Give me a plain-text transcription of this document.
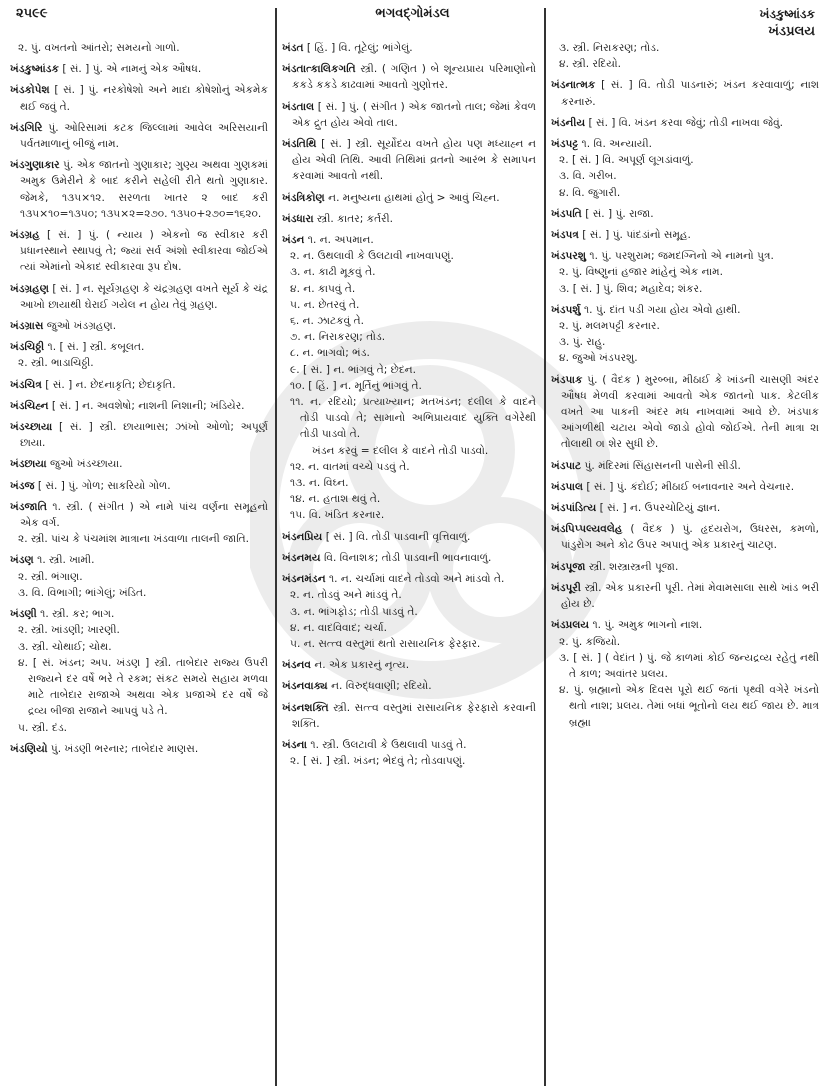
૨૫૯૯	ભગવદ્ગોમંડલ	ખંડકુષ્માંડક
ખંડપ્રલય
૨. પું. વખતનો આંતરો; સમયનો ગાળો.
ખંડકુષ્માંડક [ સં. ] પું. એ નામનું એક ઔષધ.
ખંડકોપેશ [ સં. ] પું. નરકોષેશો અને માદા કોષેશોનું એકમેક થઈ જવું તે.
ખંડગિરિ પું. ઓરિસામાં કટક જિલ્લામાં આવેલ અરિસયાની પર્વતમાળાનું બીજું નામ.
ખંડગુણાકાર પું. એક જાતનો ગુણાકાર; ગુણ્ય અથવા ગુણકમાં અમુક ઉમેરીને કે બાદ કરીને સહેલી રીતે થતો ગુણાકાર. જેમકે, ૧૩૫×૧૨. સરળતા ખાતર ૨ બાદ કરી ૧૩૫×૧૦=૧૩૫૦; ૧૩૫×૨=૨૭૦. ૧૩૫૦+૨૭૦=૧૬૨૦.
ખંડગ્રહ [ સં. ] પું. ( ન્યાય ) એકનો જ સ્વીકાર કરી પ્રધાનસ્થાને સ્થાપવું તે; જ્યાં સર્વ અંશો સ્વીકારવા જોઈએ ત્યાં એમાંનો એકાદ સ્વીકારવા રૂપ દોષ.
ખંડગ્રહણ [ સં. ] ન. સૂર્યગ્રહણ કે ચંદ્રગ્રહણ વખતે સૂર્ય કે ચંદ્ર આખો છાયાથી ઘેરાઈ ગયેલ ન હોય તેવું ગ્રહણ.
ખંડગ્રાસ જુઓ ખંડગ્રહણ.
ખંડચિઠ્ઠી ૧. [ સં. ] સ્ત્રી. કબૂલત.
૨. સ્ત્રી. ભાડાચિઠ્ઠી.
ખંડચિત્ર [ સં. ] ન. છેદનાકૃતિ; છેદાકૃતિ.
ખંડચિહ્ન [ સં. ] ન. અવશેષો; નાશની નિશાની; ખંડિયેર.
ખંડચ્છાયા [ સં. ] સ્ત્રી. છાયાભાસ; ઝાંખો ઓળો; અપૂર્ણ છાયા.
ખંડછાયા જુઓ ખંડચ્છાયા.
ખંડજ [ સં. ] પું. ગોળ; સાકરિયો ગોળ.
ખંડજાતિ ૧. સ્ત્રી. ( સંગીત ) એ નામે પાંચ વર્ણના સમૂહનો એક વર્ગ.
૨. સ્ત્રી. પાંચ કે પંચમાંશ માત્રાના ખંડવાળા તાલની જાતિ.
ખંડણ ૧. સ્ત્રી. ખામી.
૨. સ્ત્રી. ભંગાણ.
૩. વિ. વિભાગી; ભાંગેલું; ખંડિત.
ખંડણી ૧. સ્ત્રી. કર; ભાગ.
૨. સ્ત્રી. ખાંડણી; ખારણી.
૩. સ્ત્રી. ચોથાઈ; ચોથ.
૪. [ સં. ખંડન; અપ. ખંડણ ] સ્ત્રી. તાબેદાર રાજ્ય ઉપરી રાજ્યને દર વર્ષે ભરે તે રકમ; સંકટ સમયે સહાય મળવા માટે તાબેદાર રાજાએ અથવા એક પ્રજાએ દર વર્ષે જે દ્રવ્ય બીજા રાજાને આપવું પડે તે.
૫. સ્ત્રી. દંડ.
ખંડણિયો પું. ખંડણી ભરનાર; તાબેદાર માણસ.
ખંડત [ હિં. ] વિ. તૂટેલું; ભાંગેલું.
ખંડતાત્કાલિકગતિ સ્ત્રી. ( ગણિત ) બે શૂન્યપ્રાય પરિમાણોનો કકડે કકડે કાઢવામાં આવતો ગુણોત્તર.
ખંડતાલ [ સં. ] પું. ( સંગીત ) એક જાતનો તાલ; જેમાં કેવળ એક દ્રુત હોય એવો તાલ.
ખંડતિથિ [ સં. ] સ્ત્રી. સૂર્યોદય વખતે હોય પણ મધ્યાહ્ન ન હોય એવી તિથિ. આવી તિથિમાં વ્રતનો આરંભ કે સમાપન કરવામાં આવતો નથી.
ખંડત્રિકોણ ન. મનુષ્યના હાથમાં હોતું > આવું ચિહ્ન.
ખંડધારા સ્ત્રી. કાતર; કર્તરી.
ખંડન ૧. ન. અપમાન.
૨. ન. ઉથલાવી કે ઉલટાવી નાખવાપણું.
૩. ન. કાઢી મૂકવું તે.
૪. ન. કાપવું તે.
૫. ન. છેતરવું તે.
૬. ન. ઝાટકવું તે.
૭. ન. નિરાકરણ; તોડ.
૮. ન. ભાગવો; ભંડ.
૯. [ સં. ] ન. ભાંગવું તે; છેદન.
૧૦. [ હિં. ] ન. મૂર્તિનું ભાંગવું તે.
૧૧. ન. રદિયો; પ્રત્યાખ્યાન; મતખંડન; દલીલ કે વાદને તોડી પાડવો તે; સામાનો અભિપ્રાયવાદ યુક્તિ વગેરેથી તોડી પાડવો તે.
ખંડન કરવું = દલીલ કે વાદને તોડી પાડવો.
૧૨. ન. વાતમાં વચ્ચે પડવું તે.
૧૩. ન. વિઘ્ન.
૧૪. ન. હતાશ થવું તે.
૧૫. વિ. ખંડિત કરનાર.
ખંડનપ્રિય [ સં. ] વિ. તોડી પાડવાની વૃત્તિવાળું.
ખંડનમય વિ. વિનાશક; તોડી પાડવાની ભાવનાવાળું.
ખંડનમંડન ૧. ન. ચર્ચામાં વાદને તોડવો અને માંડવો તે.
૨. ન. તોડવું અને માંડવું તે.
૩. ન. ભાંગફોડ; તોડી પાડવું તે.
૪. ન. વાદવિવાદ; ચર્ચા.
૫. ન. સત્ત્વ વસ્તુમાં થતો રાસાયનિક ફેરફાર.
ખંડનવ ન. એક પ્રકારનું નૃત્ય.
ખંડનવાક્ય ન. વિરુદ્ધવાણી; રદિયો.
ખંડનશક્તિ સ્ત્રી. સત્ત્વ વસ્તુમાં રાસાયનિક ફેરફારો કરવાની શક્તિ.
ખંડના ૧. સ્ત્રી. ઉલટાવી કે ઉથલાવી પાડવું તે.
૨. [ સં. ] સ્ત્રી. ખંડન; ભેદવું તે; તોડવાપણું.
૩. સ્ત્રી. નિરાકરણ; તોડ.
૪. સ્ત્રી. રદિયો.
ખંડનાત્મક [ સં. ] વિ. તોડી પાડનારું; ખંડન કરવાવાળું; નાશ કરનારું.
ખંડનીય [ સં. ] વિ. ખંડન કરવા જેવું; તોડી નાખવા જેવું.
ખંડપટ્ટ ૧. વિ. અન્યાયી.
૨. [ સં. ] વિ. અપૂર્ણ લૂગડાંવાળું.
૩. વિ. ગરીબ.
૪. વિ. જુગારી.
ખંડપતિ [ સં. ] પું. રાજા.
ખંડપત્ર [ સં. ] પું. પાંદડાંનો સમૂહ.
ખંડપરશુ ૧. પું. પરશુરામ; જમદગ્નિનો એ નામનો પુત્ર.
૨. પું. વિષ્ણુનાં હજાર માંહેનું એક નામ.
૩. [ સં. ] પું. શિવ; મહાદેવ; શંકર.
ખંડપર્શુ ૧. પું. દાંત પડી ગયા હોય એવો હાથી.
૨. પું. મલમપટ્ટી કરનાર.
૩. પું. રાહુ.
૪. જુઓ ખંડપરશુ.
ખંડપાક પું. ( વૈદક ) મુરબ્બા, મીઠાઈ કે ખાંડની ચાસણી અંદર ઔષધ મેળવી કરવામાં આવતો એક જાતનો પાક. કેટલીક વખતે આ પાકની અંદર મધ નાખવામાં આવે છે. ખંડપાક આંગળીથી ચટાય એવો જાડો હોવો જોઈએ. તેની માત્રા ૨ા તોલાથી ૦। શેર સુધી છે.
ખંડપાટ પું. મંદિરમાં સિંહાસનની પાસેની સીડી.
ખંડપાલ [ સં. ] પું. કંદોઈ; મીઠાઈ બનાવનાર અને વેચનાર.
ખંડપાંડિત્ય [ સં. ] ન. ઉપરચોટિયું જ્ઞાન.
ખંડપિપ્પલ્યવલેહ ( વૈદક ) પું. હૃદયરોગ, ઉધરસ, કમળો, પાંડુરોગ અને કોઢ ઉપર અપાતું એક પ્રકારનું ચાટણ.
ખંડપૂજા સ્ત્રી. શસ્ત્રાસ્ત્રની પૂજા.
ખંડપૂરી સ્ત્રી. એક પ્રકારની પૂરી. તેમાં મેવામસાલા સાથે ખાંડ ભરી હોય છે.
ખંડપ્રલય ૧. પું. અમુક ભાગનો નાશ.
૨. પું. કજિયો.
૩. [ સં. ] ( વેદાંત ) પું. જે કાળમાં કોઈ જન્યદ્રવ્ય રહેતું નથી તે કાળ; અવાંતર પ્રલય.
૪. પું. બ્રહ્માનો એક દિવસ પૂરો થઈ જતાં પૃથ્વી વગેરે ખંડનો થતો નાશ; પ્રલય. તેમાં બધાં ભૂતોનો લય થઈ જાય છે. માત્ર બ્રહ્મા
